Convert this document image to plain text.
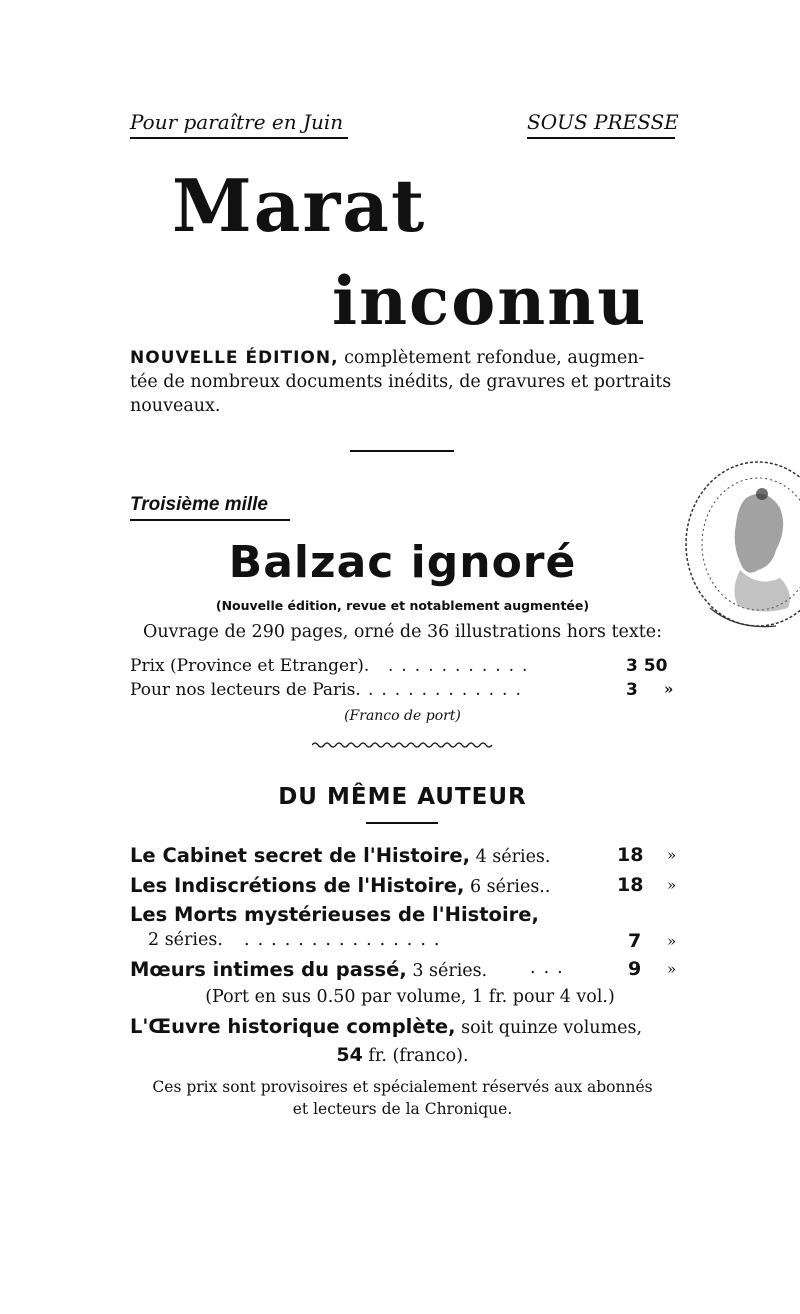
Pour paraître en Juin	SOUS PRESSE
Marat
inconnu
NOUVELLE ÉDITION, complètement refondue, augmen-
tée de nombreux documents inédits, de gravures et portraits
nouveaux.
Troisième mille
Balzac ignoré
(Nouvelle édition, revue et notablement augmentée)
Ouvrage de 290 pages, orné de 36 illustrations hors texte:
Prix (Province et Etranger). ...........	3 50
Pour nos lecteurs de Paris. ............	3 »
(Franco de port)
DU MÊME AUTEUR
Le Cabinet secret de l'Histoire, 4 séries.	18 »
Les Indiscrétions de l'Histoire, 6 séries..	18 »
Les Morts mystérieuses de l'Histoire,
2 séries. ...............	7 »
Mœurs intimes du passé, 3 séries. ...	9 »
(Port en sus 0.50 par volume, 1 fr. pour 4 vol.)
L'Œuvre historique complète, soit quinze volumes,
54 fr. (franco).
Ces prix sont provisoires et spécialement réservés aux abonnés
et lecteurs de la Chronique.
